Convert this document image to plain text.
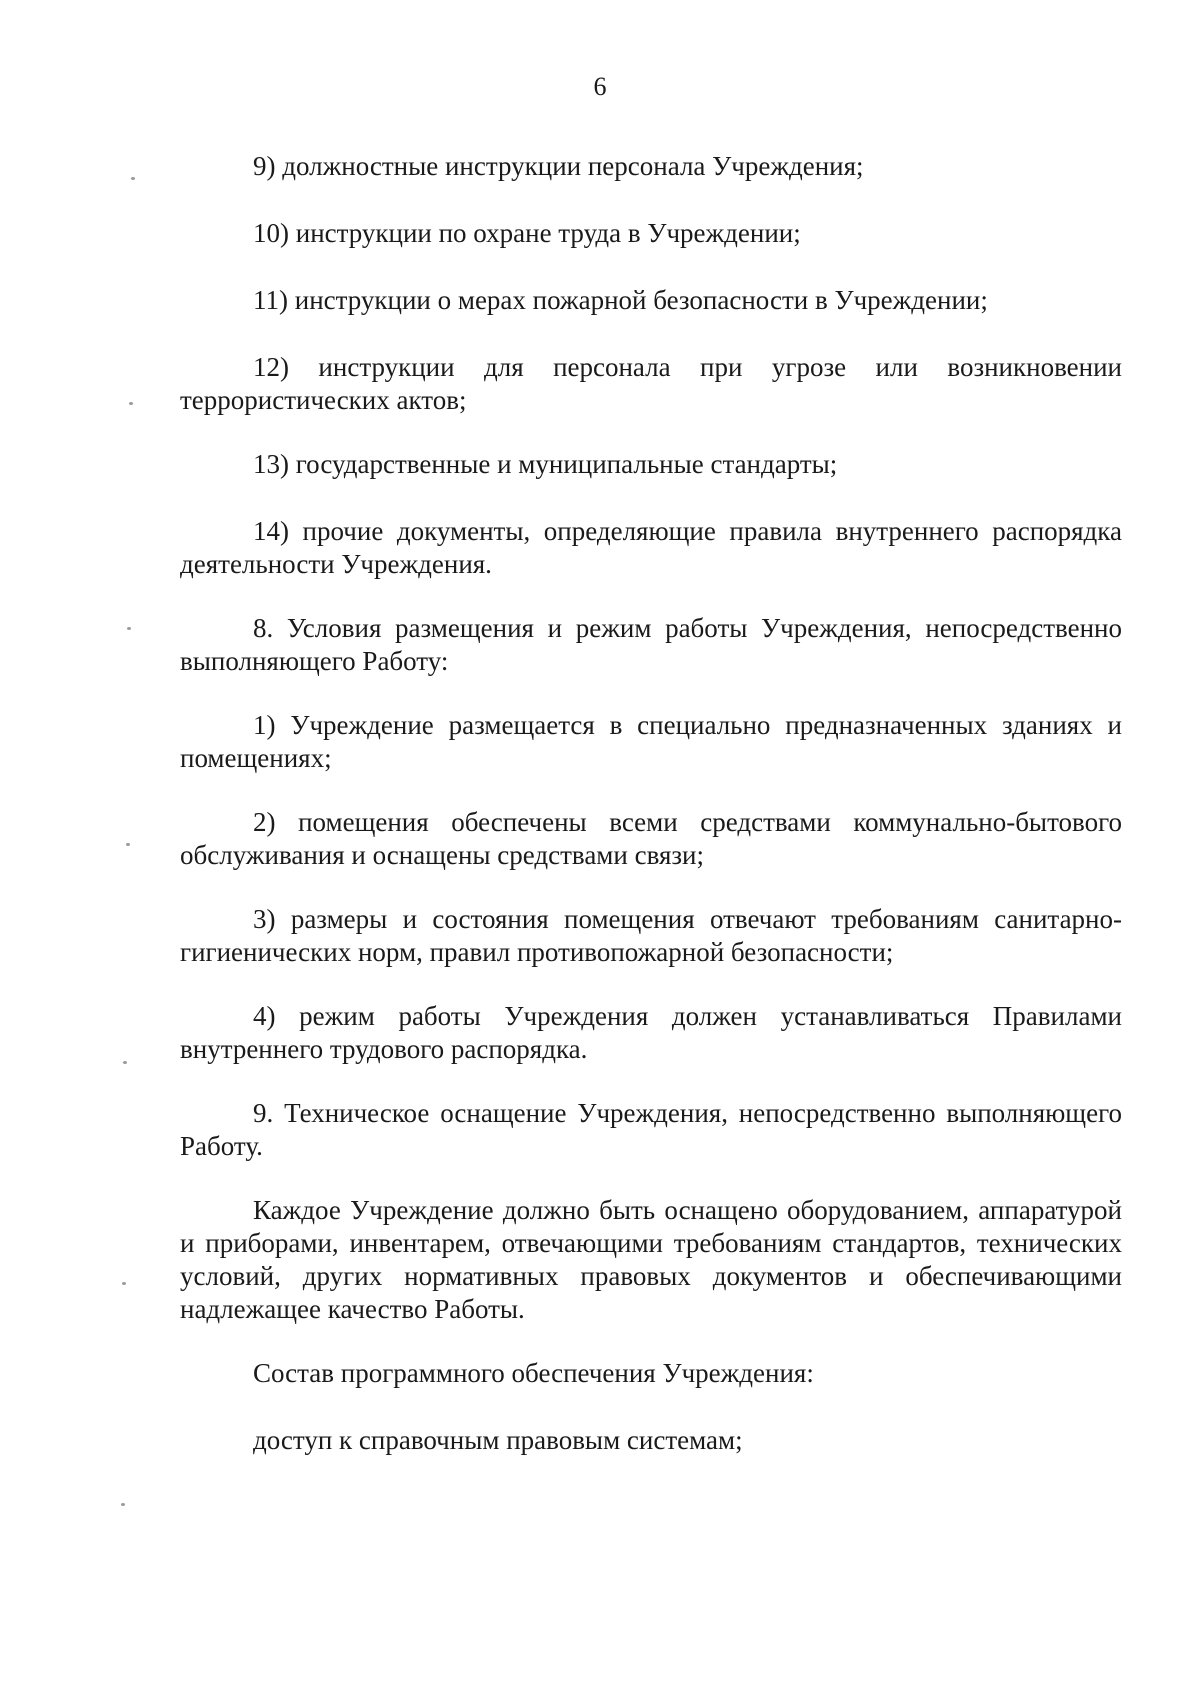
6

9) должностные инструкции персонала Учреждения;

10) инструкции по охране труда в Учреждении;

11) инструкции о мерах пожарной безопасности в Учреждении;

12) инструкции для персонала при угрозе или возникновении террористических актов;

13) государственные и муниципальные стандарты;

14) прочие документы, определяющие правила внутреннего распорядка деятельности Учреждения.

8. Условия размещения и режим работы Учреждения, непосредственно выполняющего Работу:

1) Учреждение размещается в специально предназначенных зданиях и помещениях;

2) помещения обеспечены всеми средствами коммунально-бытового обслуживания и оснащены средствами связи;

3) размеры и состояния помещения отвечают требованиям санитарно-гигиенических норм, правил противопожарной безопасности;

4) режим работы Учреждения должен устанавливаться Правилами внутреннего трудового распорядка.

9. Техническое оснащение Учреждения, непосредственно выполняющего Работу.

Каждое Учреждение должно быть оснащено оборудованием, аппаратурой и приборами, инвентарем, отвечающими требованиям стандартов, технических условий, других нормативных правовых документов и обеспечивающими надлежащее качество Работы.

Состав программного обеспечения Учреждения:

доступ к справочным правовым системам;
